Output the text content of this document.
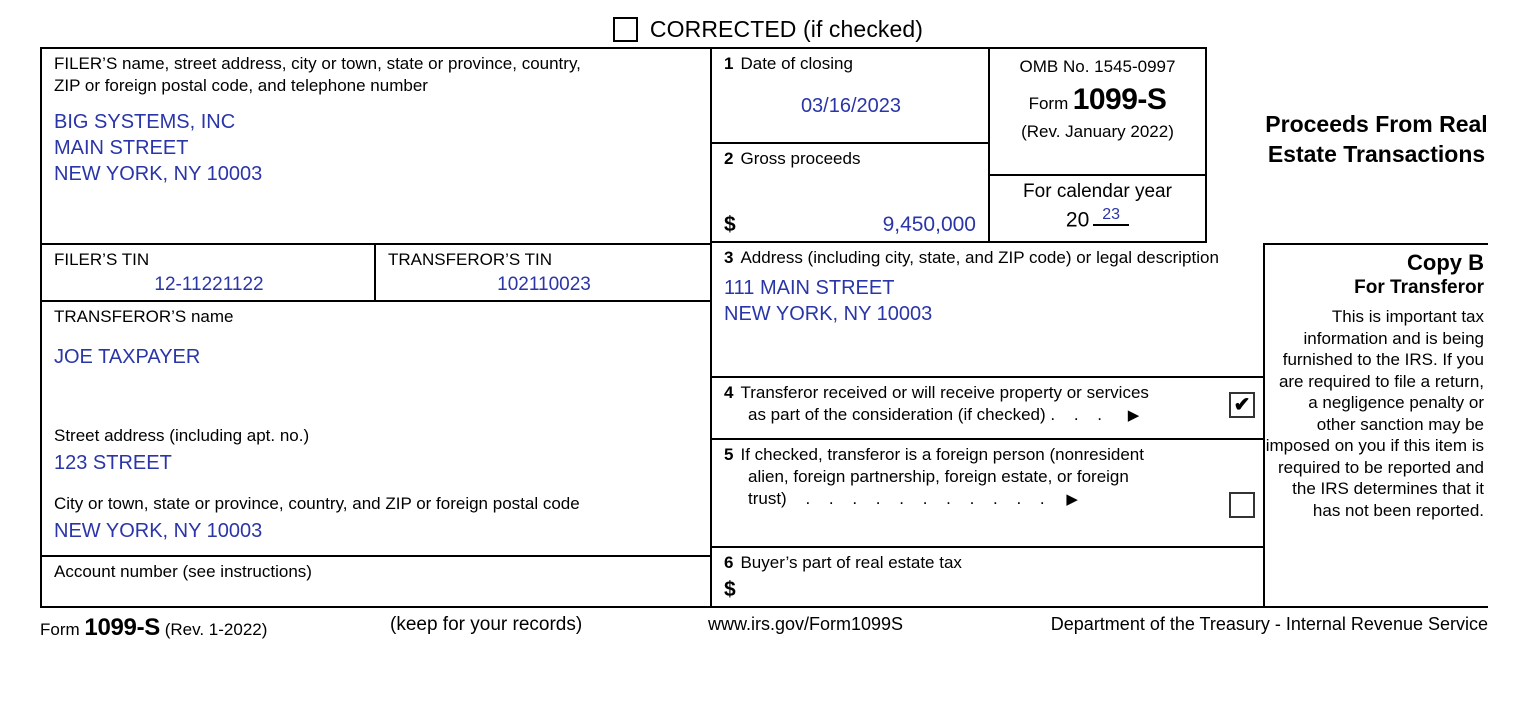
CORRECTED (if checked)
FILER’S name, street address, city or town, state or province, country,
ZIP or foreign postal code, and telephone number
BIG SYSTEMS, INC
MAIN STREET
NEW YORK, NY 10003
FILER’S TIN
12-11221122
TRANSFEROR’S TIN
102110023
TRANSFEROR’S name
JOE TAXPAYER
Street address (including apt. no.)
123 STREET
City or town, state or province, country, and ZIP or foreign postal code
NEW YORK, NY 10003
Account number (see instructions)
1 Date of closing
03/16/2023
2 Gross proceeds
$	9,450,000
OMB No. 1545-0997
Form 1099-S
(Rev. January 2022)
For calendar year
20 $^{23}$
3 Address (including city, state, and ZIP code) or legal description
111 MAIN STREET
NEW YORK, NY 10003
4 Transferor received or will receive property or services
as part of the consideration (if checked) . . . ▶	✔
5 If checked, transferor is a foreign person (nonresident
alien, foreign partnership, foreign estate, or foreign
trust) . . . . . . . . . . . ▶
6 Buyer’s part of real estate tax
$
Proceeds From Real
Estate Transactions
Copy B
For Transferor
This is important tax information and is being furnished to the IRS. If you are required to file a return, a negligence penalty or other sanction may be imposed on you if this item is required to be reported and the IRS determines that it has not been reported.
Form 1099-S (Rev. 1-2022)	(keep for your records)	www.irs.gov/Form1099S	Department of the Treasury - Internal Revenue Service
